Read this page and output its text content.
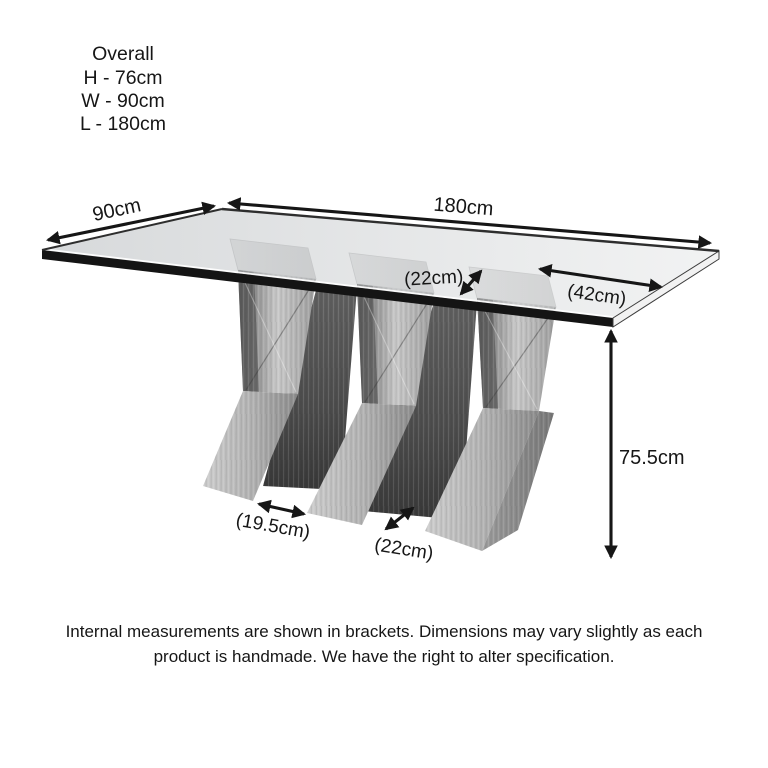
90cm	180cm
(22cm)
(42cm)
75.5cm
(19.5cm)
(22cm)
Overall
H - 76cm
W - 90cm
L - 180cm
Internal measurements are shown in brackets. Dimensions may vary slightly as each
product is handmade. We have the right to alter specification.
